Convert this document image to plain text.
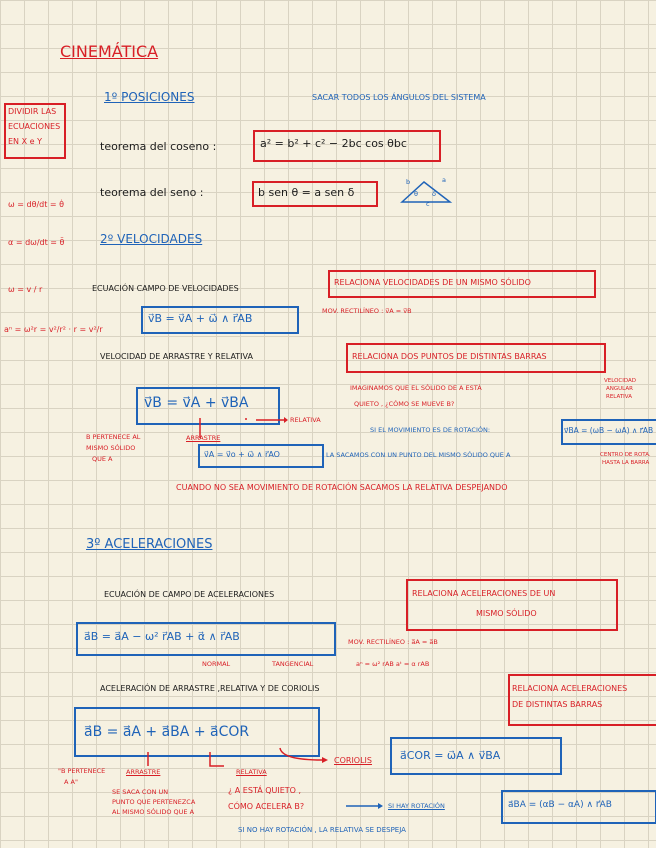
CINEMÁTICA
DIVIDIR LAS
ECUACIONES
EN X e Y
1º POSICIONES	SACAR TODOS LOS ÁNGULOS DEL SISTEMA
teorema del coseno :	a² = b² + c² − 2bc cos θbc
teorema del seno :	b sen θ = a sen δ
b	a
c
θ δ
ω = dθ/dt = θ̇
α = dω/dt = θ̈
ω = v / r
aⁿ = ω²r = v²/r² · r = v²/r
2º VELOCIDADES
ECUACIÓN CAMPO DE VELOCIDADES
v⃗B = v⃗A + ω⃗ ∧ r⃗AB
RELACIONA VELOCIDADES DE UN MISMO SÓLIDO
MOV. RECTILÍNEO : v⃗A = v⃗B
VELOCIDAD DE ARRASTRE Y RELATIVA	RELACIONA DOS PUNTOS DE DISTINTAS BARRAS
v⃗B = v⃗A + v⃗BA
RELATIVA
ARRASTRE
B PERTENECE AL
MISMO SÓLIDO
QUE A	v⃗A = v⃗o + ω⃗ ∧ r⃗AO	LA SACAMOS CON UN PUNTO DEL MISMO SÓLIDO QUE A
IMAGINAMOS QUE EL SÓLIDO DE A ESTÁ
QUIETO , ¿CÓMO SE MUEVE B?
SI EL MOVIMIENTO ES DE ROTACIÓN:	v⃗BA = (ωB − ωA) ∧ r⃗AB
VELOCIDAD
ANGULAR
RELATIVA
CENTRO DE ROTA.
HASTA LA BARRA
CUANDO NO SEA MOVIMIENTO DE ROTACIÓN SACAMOS LA RELATIVA DESPEJANDO
3º ACELERACIONES
ECUACIÓN DE CAMPO DE ACELERACIONES	RELACIONA ACELERACIONES DE UN
MISMO SÓLIDO
a⃗B = a⃗A − ω² r⃗AB + α⃗ ∧ r⃗AB
NORMAL	TANGENCIAL
MOV. RECTILÍNEO : a⃗A = a⃗B
aⁿ = ω² rAB aᵗ = α rAB
ACELERACIÓN DE ARRASTRE ,RELATIVA Y DE CORIOLIS	RELACIONA ACELERACIONES
DE DISTINTAS BARRAS
a⃗B = a⃗A + a⃗BA + a⃗COR
CORIOLIS	a⃗COR = ω⃗A ∧ v⃗BA
"B PERTENECE
A A"
ARRASTRE	RELATIVA
SE SACA CON UN
PUNTO QUE PERTENEZCA
AL MISMO SÓLIDO QUE A
¿ A ESTÁ QUIETO ,
CÓMO ACELERA B?	SI HAY ROTACIÓN	a⃗BA = (αB − αA) ∧ r⃗AB
SI NO HAY ROTACIÓN , LA RELATIVA SE DESPEJA
